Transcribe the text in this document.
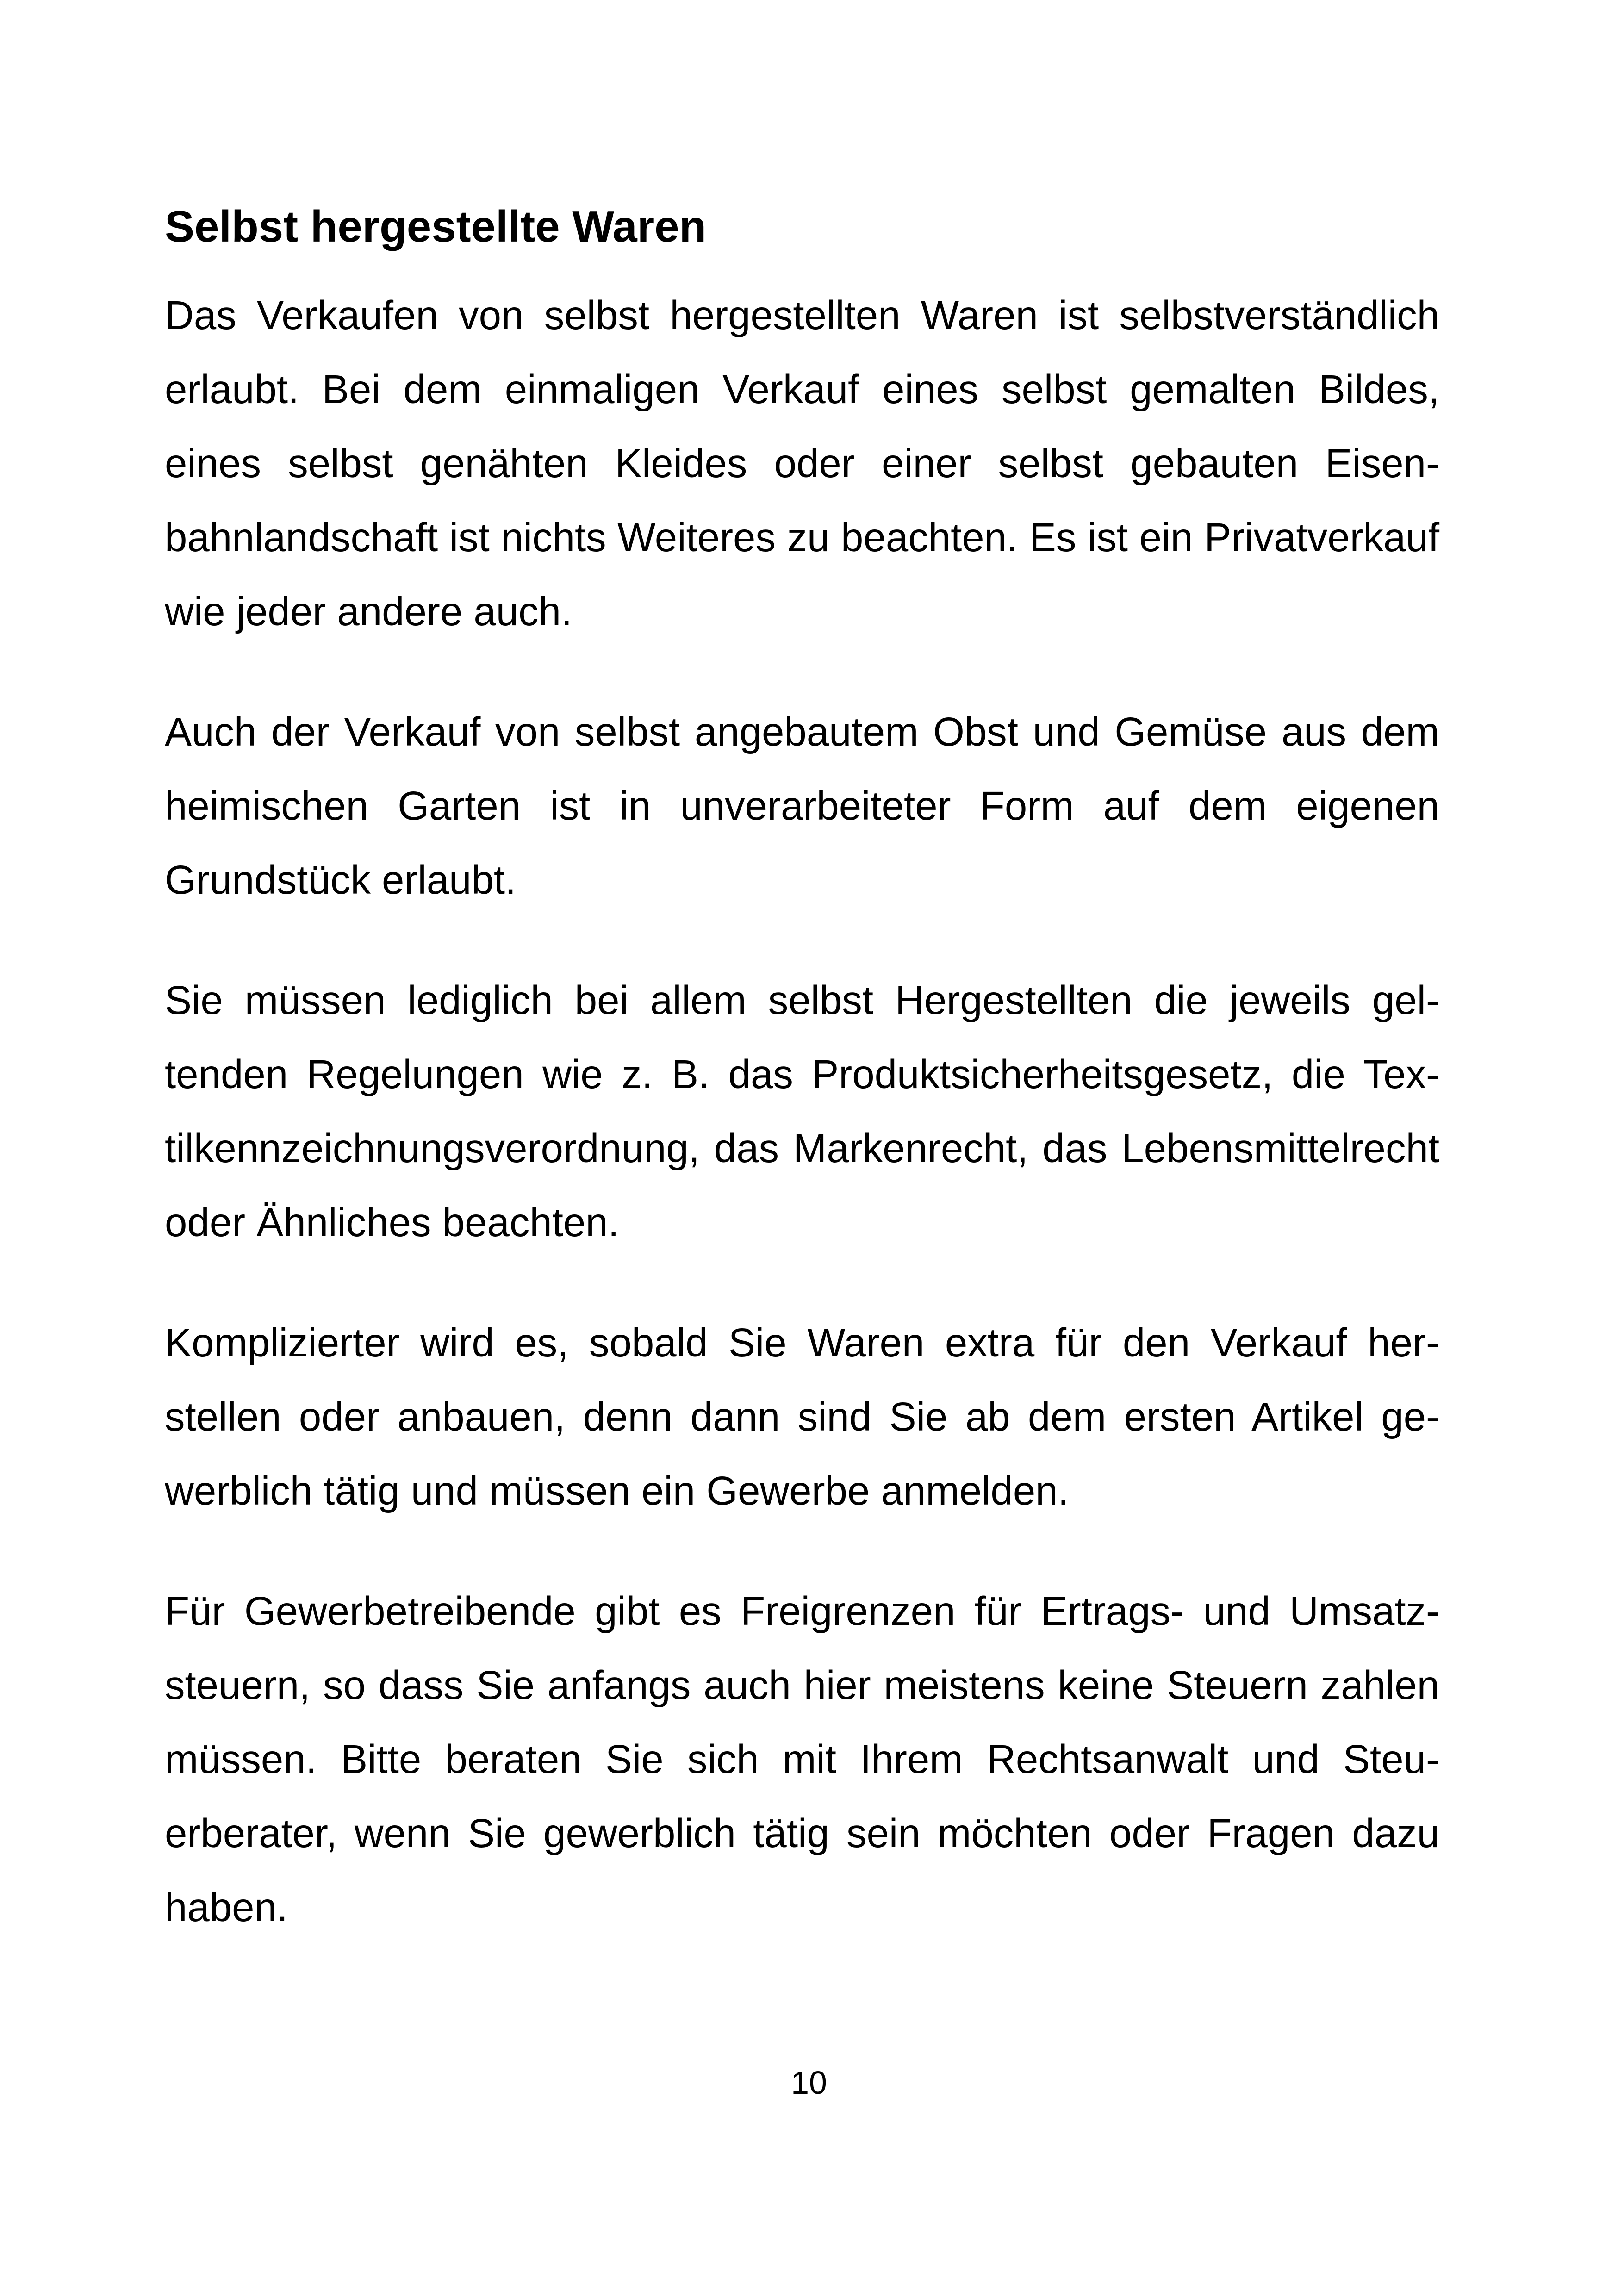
Selbst hergestellte Waren

Das Verkaufen von selbst hergestellten Waren ist selbstverständlich erlaubt. Bei dem einmaligen Verkauf eines selbst gemalten Bildes, eines selbst genähten Kleides oder einer selbst gebauten Eisenbahnlandschaft ist nichts Weiteres zu beachten. Es ist ein Privatverkauf wie jeder andere auch.

Auch der Verkauf von selbst angebautem Obst und Gemüse aus dem heimischen Garten ist in unverarbeiteter Form auf dem eigenen Grundstück erlaubt.

Sie müssen lediglich bei allem selbst Hergestellten die jeweils geltenden Regelungen wie z. B. das Produktsicherheitsgesetz, die Textilkennzeichnungsverordnung, das Markenrecht, das Lebensmittelrecht oder Ähnliches beachten.

Komplizierter wird es, sobald Sie Waren extra für den Verkauf herstellen oder anbauen, denn dann sind Sie ab dem ersten Artikel gewerblich tätig und müssen ein Gewerbe anmelden.

Für Gewerbetreibende gibt es Freigrenzen für Ertrags- und Umsatzsteuern, so dass Sie anfangs auch hier meistens keine Steuern zahlen müssen. Bitte beraten Sie sich mit Ihrem Rechtsanwalt und Steuerberater, wenn Sie gewerblich tätig sein möchten oder Fragen dazu haben.

10
